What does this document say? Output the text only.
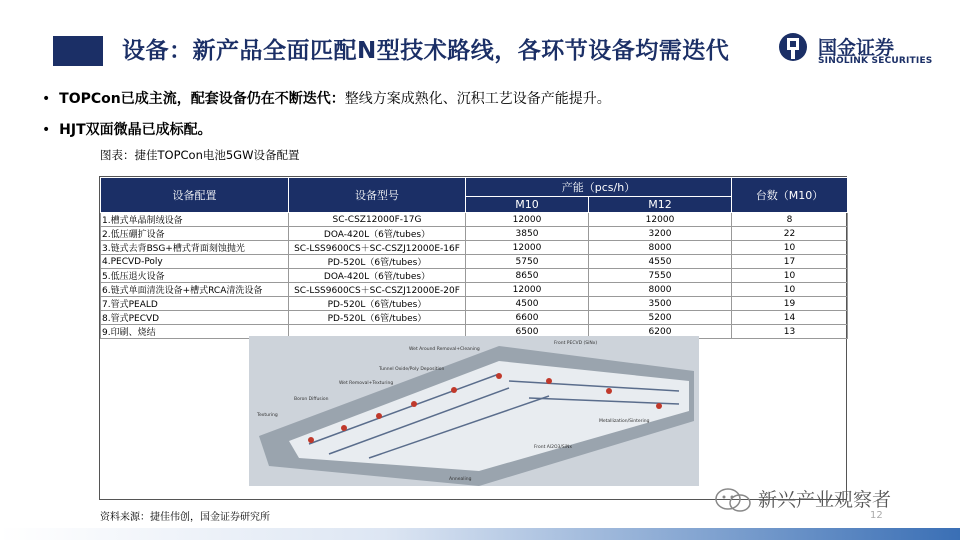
设备：新产品全面匹配N型技术路线，各环节设备均需迭代	国金证券
SINOLINK SECURITIES
•  TOPCon已成主流，配套设备仍在不断迭代：整线方案成熟化、沉积工艺设备产能提升。
•  HJT双面微晶已成标配。
图表：捷佳TOPCon电池5GW设备配置
设备配置	设备型号	产能（pcs/h）		台数（M10）
		M10	M12	
1.槽式单晶制绒设备	SC-CSZ12000F-17G	12000	12000	8
2.低压硼扩设备	DOA-420L（6管/tubes）	3850	3200	22
3.链式去背BSG+槽式背面刻蚀抛光	SC-LSS9600CS＋SC-CSZJ12000E-16F	12000	8000	10
4.PECVD-Poly	PD-520L（6管/tubes）	5750	4550	17
5.低压退火设备	DOA-420L（6管/tubes）	8650	7550	10
6.链式单面清洗设备+槽式RCA清洗设备	SC-LSS9600CS＋SC-CSZJ12000E-20F	12000	8000	10
7.管式PEALD	PD-520L（6管/tubes）	4500	3500	19
8.管式PECVD	PD-520L（6管/tubes）	6600	5200	14
9.印刷、烧结		6500	6200	13
Wet Around Removal+Cleaning
Tunnel Oxide/Poly Deposition
Wet Removal+Texturing
Boron Diffusion
Texturing
Front PECVD (SiNx)
Metallization/Sintering
Annealing
Front Al2O3/SiNx
资料来源：捷佳伟创，国金证券研究所
新兴产业观察者
12
